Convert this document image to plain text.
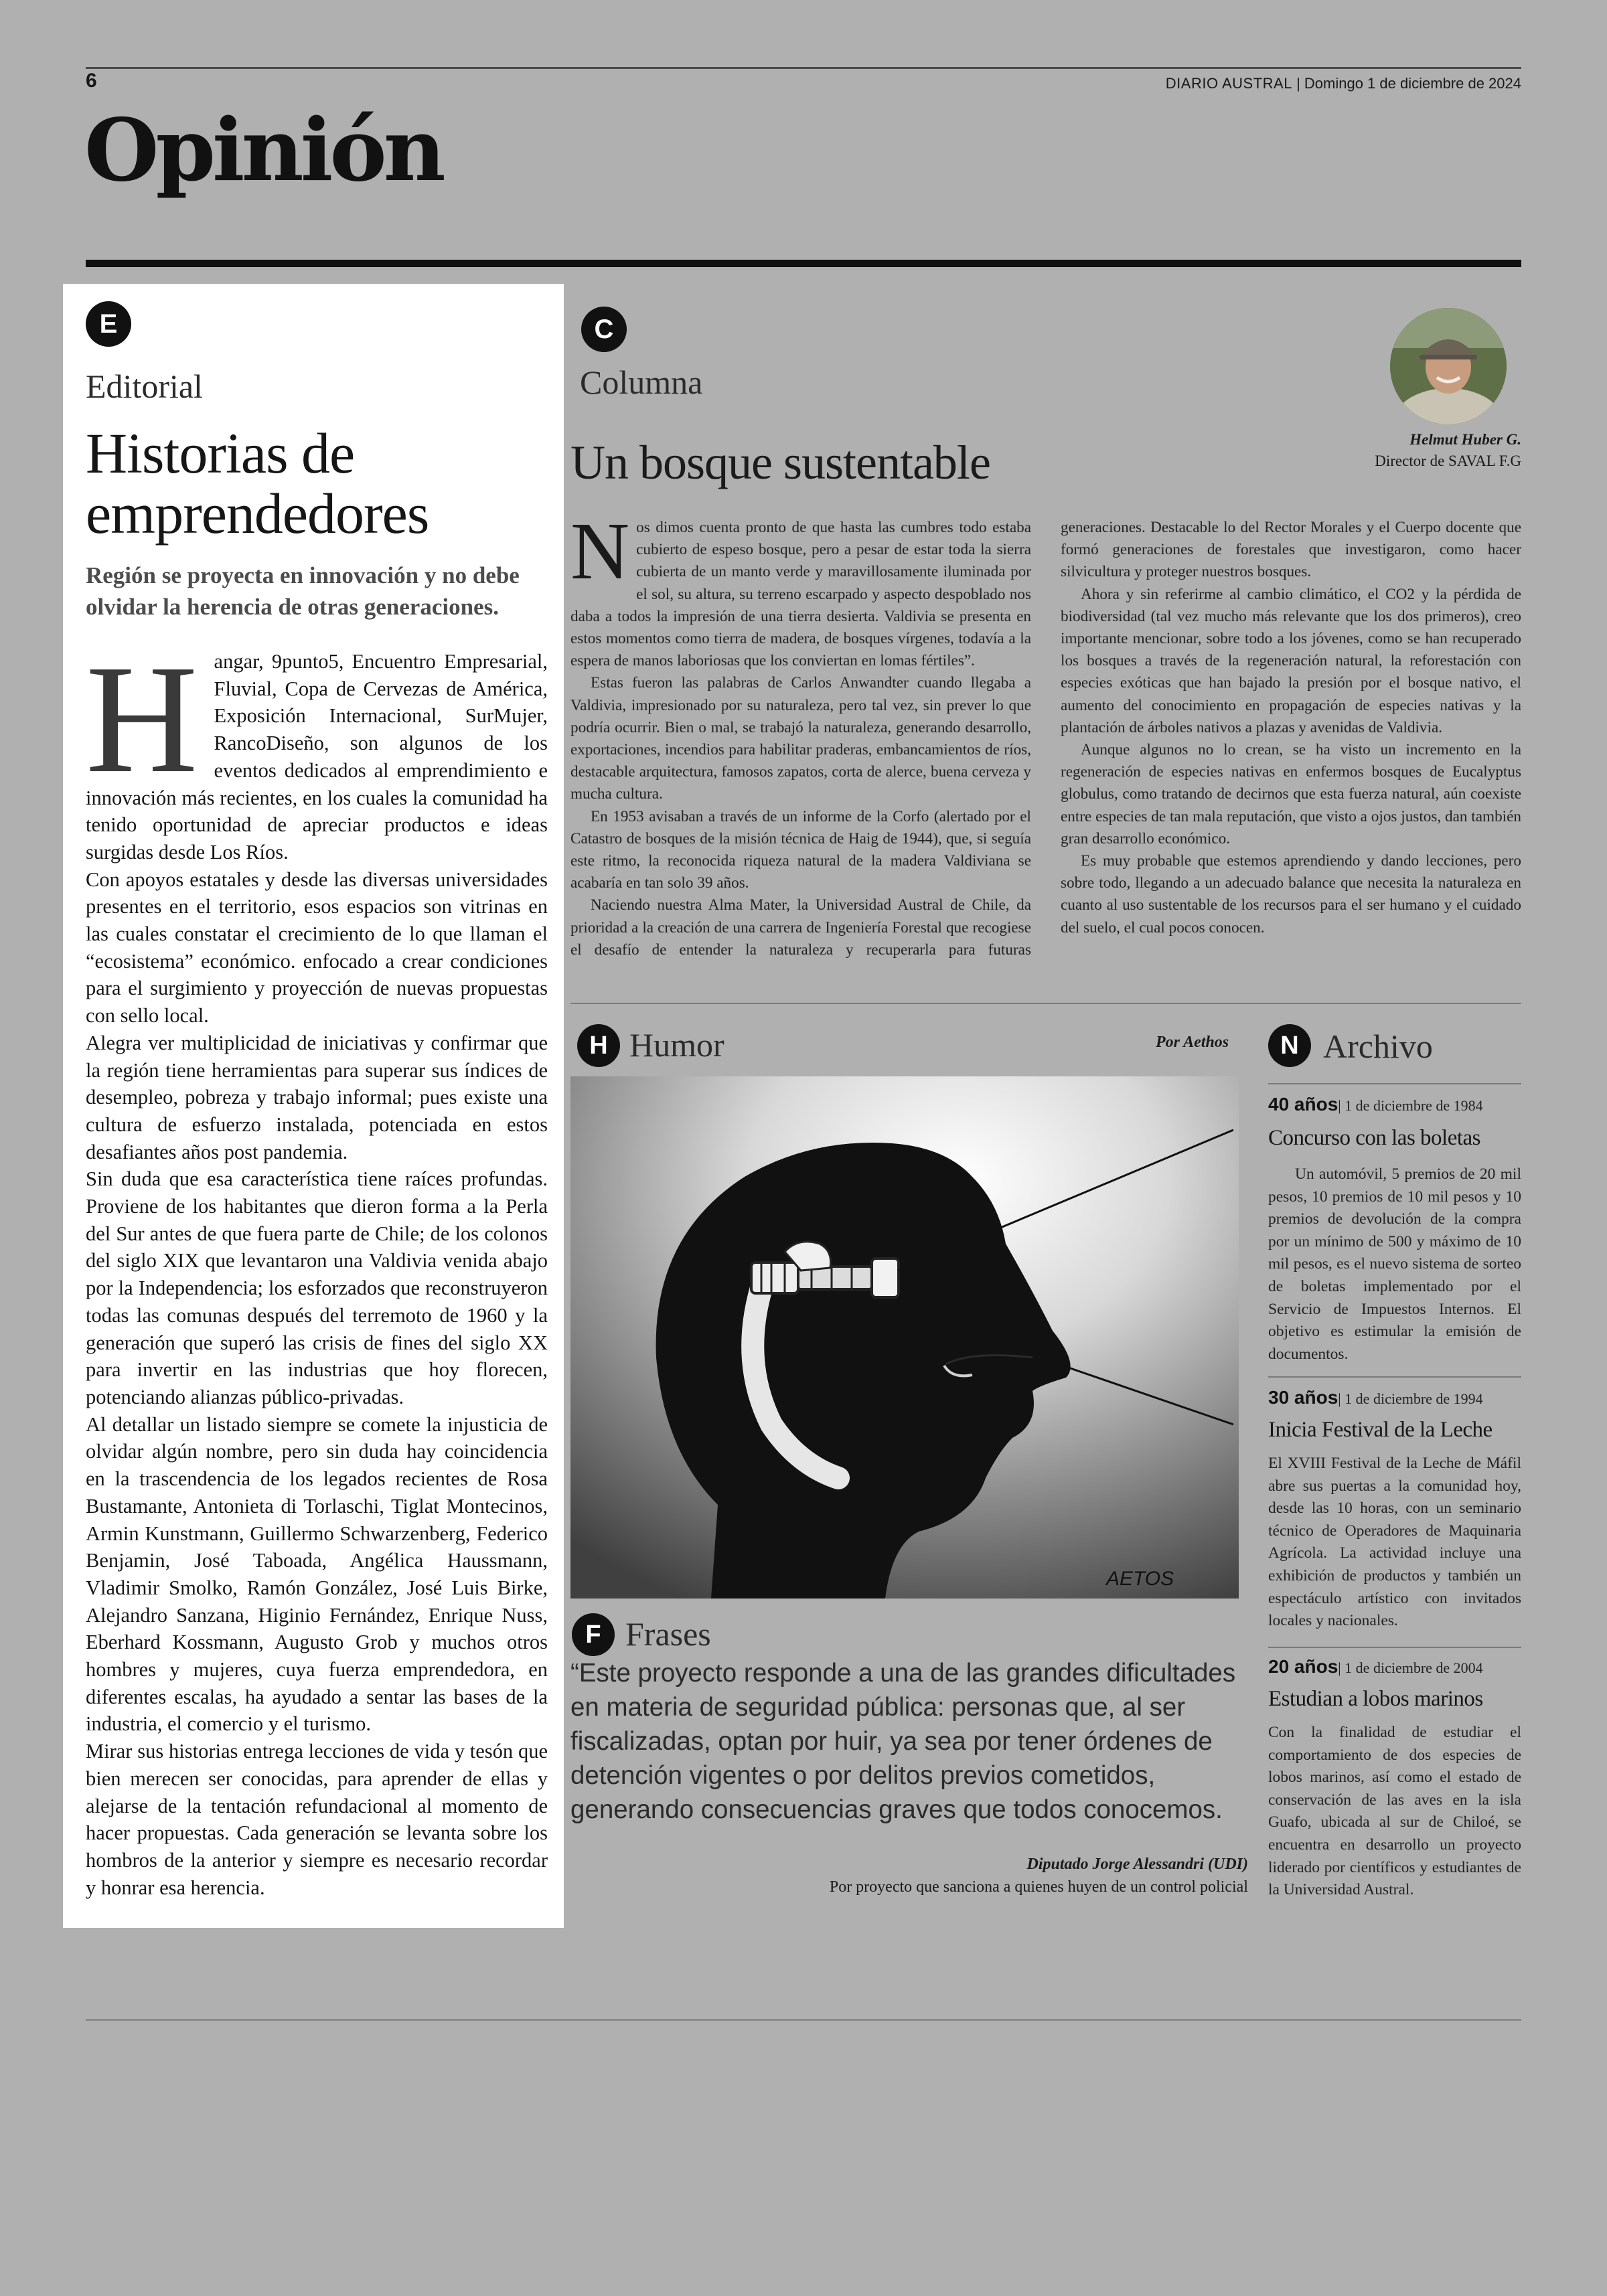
6	DIARIO AUSTRAL | Domingo 1 de diciembre de 2024
Opinión
E
Editorial
Historias de emprendedores
Región se proyecta en innovación y no debe olvidar la herencia de otras generaciones.

Hangar, 9punto5, Encuentro Empresarial, Fluvial, Copa de Cervezas de América, Exposición Internacional, SurMujer, RancoDiseño, son algunos de los eventos dedicados al emprendimiento e innovación más recientes, en los cuales la comunidad ha tenido oportunidad de apreciar productos e ideas surgidas desde Los Ríos.

Con apoyos estatales y desde las diversas universidades presentes en el territorio, esos espacios son vitrinas en las cuales constatar el crecimiento de lo que llaman el “ecosistema” económico. enfocado a crear condiciones para el surgimiento y proyección de nuevas propuestas con sello local.

Alegra ver multiplicidad de iniciativas y confirmar que la región tiene herramientas para superar sus índices de desempleo, pobreza y trabajo informal; pues existe una cultura de esfuerzo instalada, potenciada en estos desafiantes años post pandemia.

Sin duda que esa característica tiene raíces profundas. Proviene de los habitantes que dieron forma a la Perla del Sur antes de que fuera parte de Chile; de los colonos del siglo XIX que levantaron una Valdivia venida abajo por la Independencia; los esforzados que reconstruyeron todas las comunas después del terremoto de 1960 y la generación que superó las crisis de fines del siglo XX para invertir en las industrias que hoy florecen, potenciando alianzas público-privadas.

Al detallar un listado siempre se comete la injusticia de olvidar algún nombre, pero sin duda hay coincidencia en la trascendencia de los legados recientes de Rosa Bustamante, Antonieta di Torlaschi, Tiglat Montecinos, Armin Kunstmann, Guillermo Schwarzenberg, Federico Benjamin, José Taboada, Angélica Haussmann, Vladimir Smolko, Ramón González, José Luis Birke, Alejandro Sanzana, Higinio Fernández, Enrique Nuss, Eberhard Kossmann, Augusto Grob y muchos otros hombres y mujeres, cuya fuerza emprendedora, en diferentes escalas, ha ayudado a sentar las bases de la industria, el comercio y el turismo.

Mirar sus historias entrega lecciones de vida y tesón que bien merecen ser conocidas, para aprender de ellas y alejarse de la tentación refundacional al momento de hacer propuestas. Cada generación se levanta sobre los hombros de la anterior y siempre es necesario recordar y honrar esa herencia.

C
Columna
Un bosque sustentable	Helmut Huber G.
Director de SAVAL F.G

Nos dimos cuenta pronto de que hasta las cumbres todo estaba cubierto de espeso bosque, pero a pesar de estar toda la sierra cubierta de un manto verde y maravillosamente iluminada por el sol, su altura, su terreno escarpado y aspecto despoblado nos daba a todos la impresión de una tierra desierta. Valdivia se presenta en estos momentos como tierra de madera, de bosques vírgenes, todavía a la espera de manos laboriosas que los conviertan en lomas fértiles”.

Estas fueron las palabras de Carlos Anwandter cuando llegaba a Valdivia, impresionado por su naturaleza, pero tal vez, sin prever lo que podría ocurrir. Bien o mal, se trabajó la naturaleza, generando desarrollo, exportaciones, incendios para habilitar praderas, embancamientos de ríos, destacable arquitectura, famosos zapatos, corta de alerce, buena cerveza y mucha cultura.

En 1953 avisaban a través de un informe de la Corfo (alertado por el Catastro de bosques de la misión técnica de Haig de 1944), que, si seguía este ritmo, la reconocida riqueza natural de la madera Valdiviana se acabaría en tan solo 39 años.

Naciendo nuestra Alma Mater, la Universidad Austral de Chile, da prioridad a la creación de una carrera de Ingeniería Forestal que recogiese el desafío de entender la naturaleza y recuperarla para futuras generaciones. Destacable lo del Rector Morales y el Cuerpo docente que formó generaciones de forestales que investigaron, como hacer silvicultura y proteger nuestros bosques.

Ahora y sin referirme al cambio climático, el CO2 y la pérdida de biodiversidad (tal vez mucho más relevante que los dos primeros), creo importante mencionar, sobre todo a los jóvenes, como se han recuperado los bosques a través de la regeneración natural, la reforestación con especies exóticas que han bajado la presión por el bosque nativo, el aumento del conocimiento en propagación de especies nativas y la plantación de árboles nativos a plazas y avenidas de Valdivia.

Aunque algunos no lo crean, se ha visto un incremento en la regeneración de especies nativas en enfermos bosques de Eucalyptus globulus, como tratando de decirnos que esta fuerza natural, aún coexiste entre especies de tan mala reputación, que visto a ojos justos, dan también gran desarrollo económico.

Es muy probable que estemos aprendiendo y dando lecciones, pero sobre todo, llegando a un adecuado balance que necesita la naturaleza en cuanto al uso sustentable de los recursos para el ser humano y el cuidado del suelo, el cual pocos conocen.

H Humor	Por Aethos
AETOS
F Frases
“Este proyecto responde a una de las grandes dificultades en materia de seguridad pública: personas que, al ser fiscalizadas, optan por huir, ya sea por tener órdenes de detención vigentes o por delitos previos cometidos, generando consecuencias graves que todos conocemos.
Diputado Jorge Alessandri (UDI)
Por proyecto que sanciona a quienes huyen de un control policial
N Archivo
40 años| 1 de diciembre de 1984
Concurso con las boletas
Un automóvil, 5 premios de 20 mil pesos, 10 premios de 10 mil pesos y 10 premios de devolución de la compra por un mínimo de 500 y máximo de 10 mil pesos, es el nuevo sistema de sorteo de boletas implementado por el Servicio de Impuestos Internos. El objetivo es estimular la emisión de documentos.
30 años| 1 de diciembre de 1994
Inicia Festival de la Leche
El XVIII Festival de la Leche de Máfil abre sus puertas a la comunidad hoy, desde las 10 horas, con un seminario técnico de Operadores de Maquinaria Agrícola. La actividad incluye una exhibición de productos y también un espectáculo artístico con invitados locales y nacionales.
20 años| 1 de diciembre de 2004
Estudian a lobos marinos
Con la finalidad de estudiar el comportamiento de dos especies de lobos marinos, así como el estado de conservación de las aves en la isla Guafo, ubicada al sur de Chiloé, se encuentra en desarrollo un proyecto liderado por científicos y estudiantes de la Universidad Austral.
